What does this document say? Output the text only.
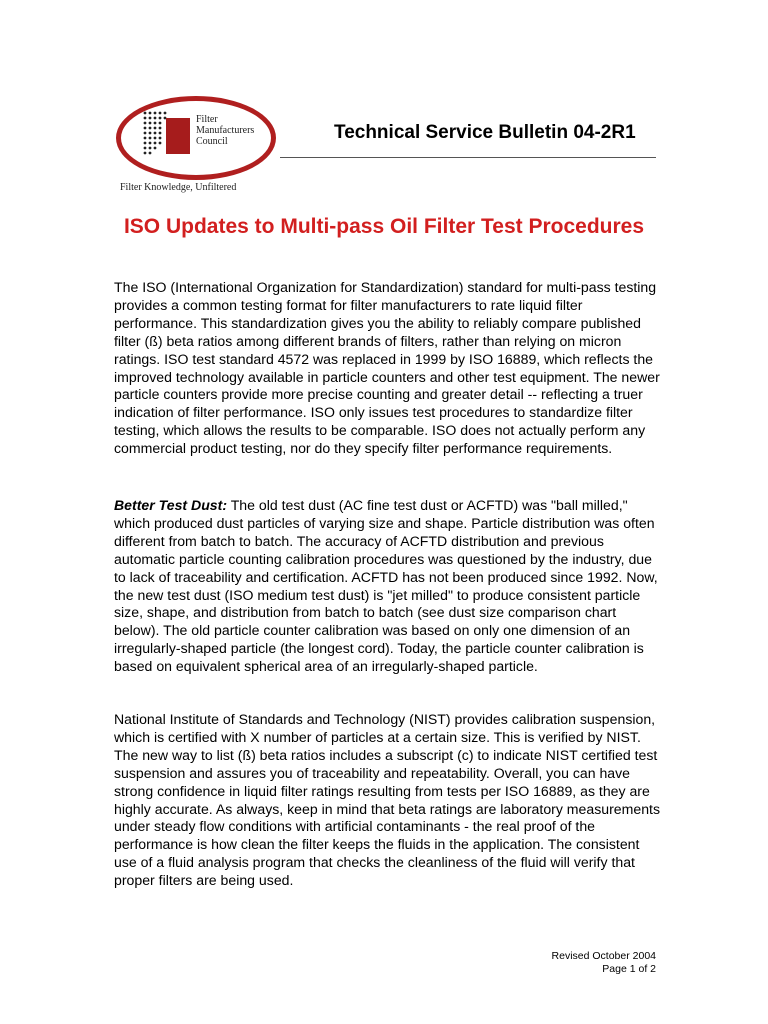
Filter
Manufacturers
Council
Filter Knowledge, Unfiltered
Technical Service Bulletin 04-2R1
ISO Updates to Multi-pass Oil Filter Test Procedures
The ISO (International Organization for Standardization) standard for multi-pass testing provides a common testing format for filter manufacturers to rate liquid filter performance. This standardization gives you the ability to reliably compare published filter (ß) beta ratios among different brands of filters, rather than relying on micron ratings. ISO test standard 4572 was replaced in 1999 by ISO 16889, which reflects the improved technology available in particle counters and other test equipment. The newer particle counters provide more precise counting and greater detail -- reflecting a truer indication of filter performance. ISO only issues test procedures to standardize filter testing, which allows the results to be comparable. ISO does not actually perform any commercial product testing, nor do they specify filter performance requirements.
Better Test Dust: The old test dust (AC fine test dust or ACFTD) was "ball milled," which produced dust particles of varying size and shape. Particle distribution was often different from batch to batch. The accuracy of ACFTD distribution and previous automatic particle counting calibration procedures was questioned by the industry, due to lack of traceability and certification. ACFTD has not been produced since 1992. Now, the new test dust (ISO medium test dust) is "jet milled" to produce consistent particle size, shape, and distribution from batch to batch (see dust size comparison chart below). The old particle counter calibration was based on only one dimension of an irregularly-shaped particle (the longest cord). Today, the particle counter calibration is based on equivalent spherical area of an irregularly-shaped particle.
National Institute of Standards and Technology (NIST) provides calibration suspension, which is certified with X number of particles at a certain size. This is verified by NIST. The new way to list (ß) beta ratios includes a subscript (c) to indicate NIST certified test suspension and assures you of traceability and repeatability. Overall, you can have strong confidence in liquid filter ratings resulting from tests per ISO 16889, as they are highly accurate. As always, keep in mind that beta ratings are laboratory measurements under steady flow conditions with artificial contaminants - the real proof of the performance is how clean the filter keeps the fluids in the application. The consistent use of a fluid analysis program that checks the cleanliness of the fluid will verify that proper filters are being used.
Revised October 2004
Page 1 of 2
